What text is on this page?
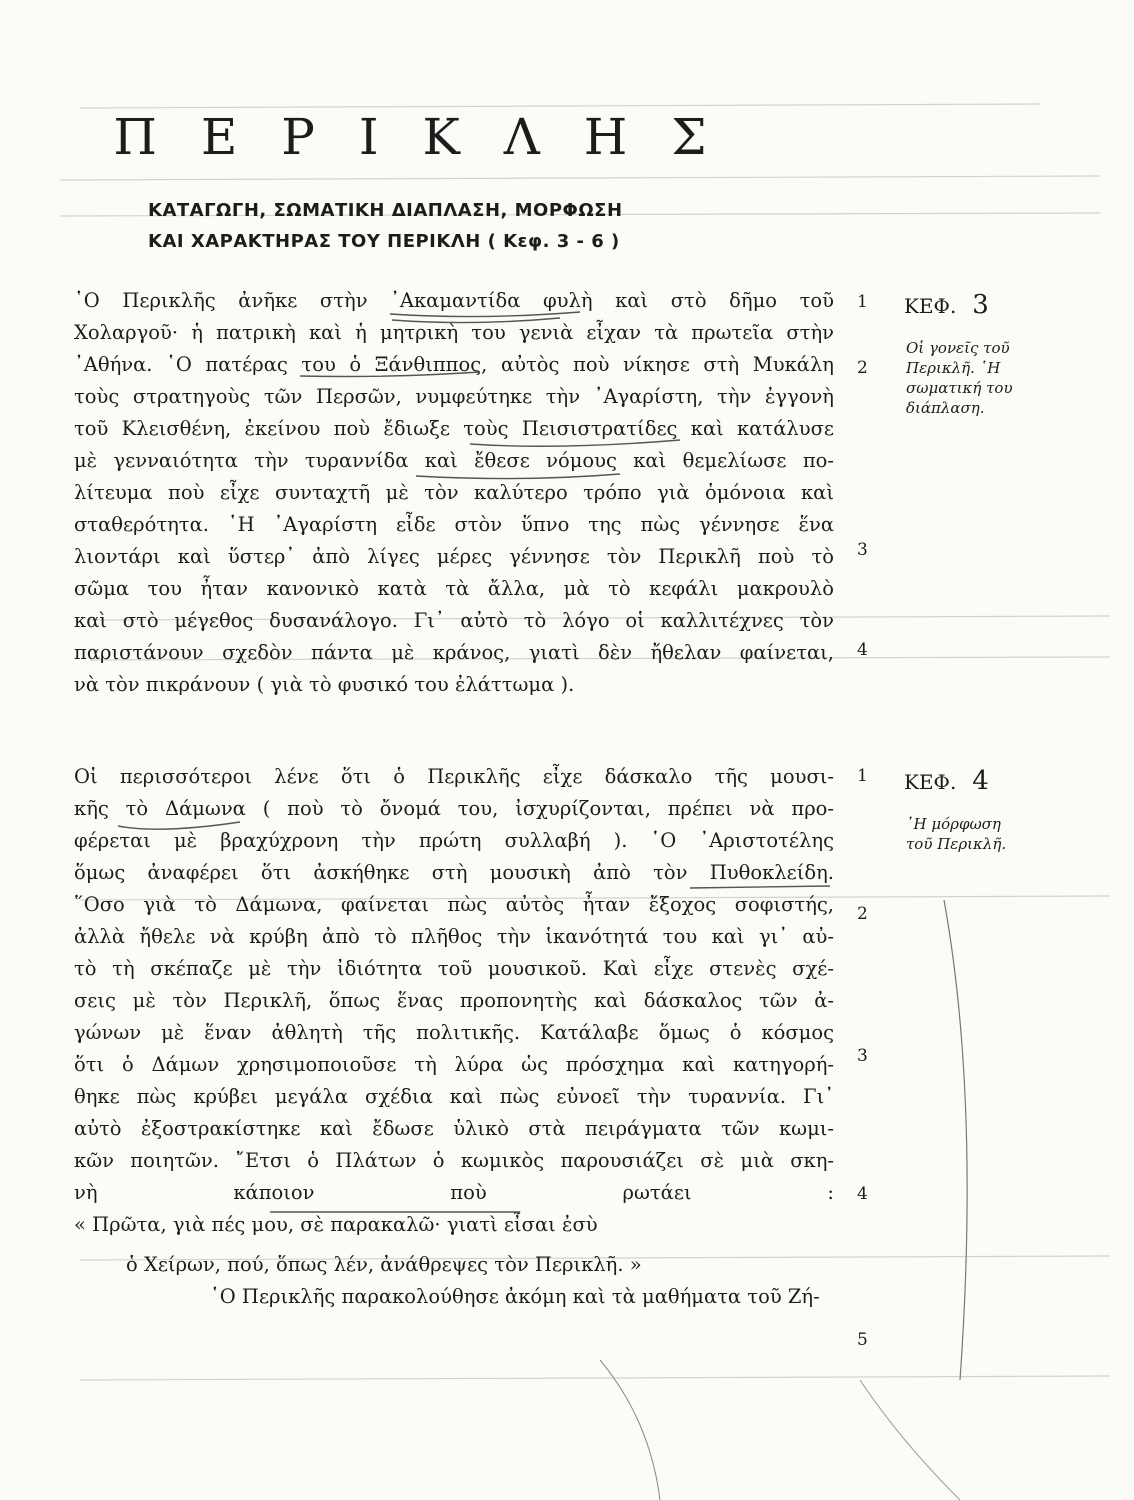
Π Ε Ρ Ι Κ Λ Η Σ
ΚΑΤΑΓΩΓΗ, ΣΩΜΑΤΙΚΗ ΔΙΑΠΛΑΣΗ, ΜΟΡΦΩΣΗ
ΚΑΙ ΧΑΡΑΚΤΗΡΑΣ ΤΟΥ ΠΕΡΙΚΛΗ ( Κεφ. 3 - 6 )
῾Ο Περικλῆς ἀνῆκε στὴν ᾿Ακαμαντίδα φυλὴ καὶ στὸ δῆμο τοῦ
Χολαργοῦ· ἡ πατρικὴ καὶ ἡ μητρικὴ του γενιὰ εἶχαν τὰ πρωτεῖα στὴν
᾿Αθήνα. ῾Ο πατέρας του ὁ Ξάνθιππος, αὐτὸς ποὺ νίκησε στὴ Μυκάλη
τοὺς στρατηγοὺς τῶν Περσῶν, νυμφεύτηκε τὴν ᾿Αγαρίστη, τὴν ἐγγονὴ
τοῦ Κλεισθένη, ἐκείνου ποὺ ἔδιωξε τοὺς Πεισιστρατίδες καὶ κατάλυσε
μὲ γενναιότητα τὴν τυραννίδα καὶ ἔθεσε νόμους καὶ θεμελίωσε πο-
λίτευμα ποὺ εἶχε συνταχτῆ μὲ τὸν καλύτερο τρόπο γιὰ ὁμόνοια καὶ
σταθερότητα. ῾Η ᾿Αγαρίστη εἶδε στὸν ὕπνο της πὼς γέννησε ἕνα
λιοντάρι καὶ ὕστερ᾿ ἀπὸ λίγες μέρες γέννησε τὸν Περικλῆ ποὺ τὸ
σῶμα του ἦταν κανονικὸ κατὰ τὰ ἄλλα, μὰ τὸ κεφάλι μακρουλὸ
καὶ στὸ μέγεθος δυσανάλογο. Γι᾿ αὐτὸ τὸ λόγο οἱ καλλιτέχνες τὸν
παριστάνουν σχεδὸν πάντα μὲ κράνος, γιατὶ δὲν ἤθελαν φαίνεται,
νὰ τὸν πικράνουν ( γιὰ τὸ φυσικό του ἐλάττωμα ).
Οἱ περισσότεροι λένε ὅτι ὁ Περικλῆς εἶχε δάσκαλο τῆς μουσι-
κῆς τὸ Δάμωνα ( ποὺ τὸ ὄνομά του, ἰσχυρίζονται, πρέπει νὰ προ-
φέρεται μὲ βραχύχρονη τὴν πρώτη συλλαβή ). ῾Ο ᾿Αριστοτέλης
ὅμως ἀναφέρει ὅτι ἀσκήθηκε στὴ μουσικὴ ἀπὸ τὸν Πυθοκλείδη.
῞Οσο γιὰ τὸ Δάμωνα, φαίνεται πὼς αὐτὸς ἦταν ἔξοχος σοφιστής,
ἀλλὰ ἤθελε νὰ κρύβη ἀπὸ τὸ πλῆθος τὴν ἱκανότητά του καὶ γι᾿ αὐ-
τὸ τὴ σκέπαζε μὲ τὴν ἰδιότητα τοῦ μουσικοῦ. Καὶ εἶχε στενὲς σχέ-
σεις μὲ τὸν Περικλῆ, ὅπως ἕνας προπονητὴς καὶ δάσκαλος τῶν ἀ-
γώνων μὲ ἕναν ἀθλητὴ τῆς πολιτικῆς. Κατάλαβε ὅμως ὁ κόσμος
ὅτι ὁ Δάμων χρησιμοποιοῦσε τὴ λύρα ὡς πρόσχημα καὶ κατηγορή-
θηκε πὼς κρύβει μεγάλα σχέδια καὶ πὼς εὐνοεῖ τὴν τυραννία. Γι᾿
αὐτὸ ἐξοστρακίστηκε καὶ ἔδωσε ὑλικὸ στὰ πειράγματα τῶν κωμι-
κῶν ποιητῶν. ῎Ετσι ὁ Πλάτων ὁ κωμικὸς παρουσιάζει σὲ μιὰ σκη-
νὴ κάποιον ποὺ ρωτάει :
« Πρῶτα, γιὰ πές μου, σὲ παρακαλῶ· γιατὶ εἶσαι ἐσὺ
ὁ Χείρων, πού, ὅπως λέν, ἀνάθρεψες τὸν Περικλῆ. »
῾Ο Περικλῆς παρακολούθησε ἀκόμη καὶ τὰ μαθήματα τοῦ Ζή-
1
2
3
4
1
2
3
4
5
ΚΕΦ. 3
Οἱ γονεῖς τοῦ
Περικλῆ. ῾Η
σωματική του
διάπλαση.
ΚΕΦ. 4
῾Η μόρφωση
τοῦ Περικλῆ.
